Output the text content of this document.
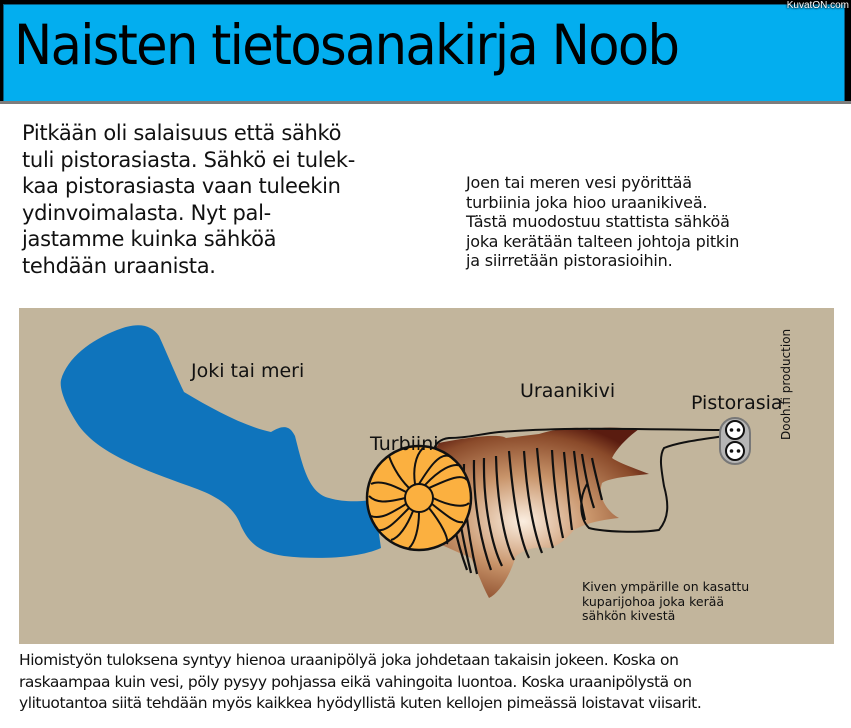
Naisten tietosanakirja Noob
KuvatON.com
Pitkään oli salaisuus että sähkö
tuli pistorasiasta. Sähkö ei tulek-
kaa pistorasiasta vaan tuleekin
ydinvoimalasta. Nyt pal-
jastamme kuinka sähköä
tehdään uraanista.
Joen tai meren vesi pyörittää
turbiinia joka hioo uraanikiveä.
Tästä muodostuu stattista sähköä
joka kerätään talteen johtoja pitkin
ja siirretään pistorasioihin.
Joki tai meri
Turbiini
Uraanikivi
Pistorasia
Dooh.fi production
Kiven ympärille on kasattu
kuparijohoa joka kerää
sähkön kivestä
Hiomistyön tuloksena syntyy hienoa uraanipölyä joka johdetaan takaisin jokeen. Koska on
raskaampaa kuin vesi, pöly pysyy pohjassa eikä vahingoita luontoa. Koska uraanipölystä on
ylituotantoa siitä tehdään myös kaikkea hyödyllistä kuten kellojen pimeässä loistavat viisarit.
